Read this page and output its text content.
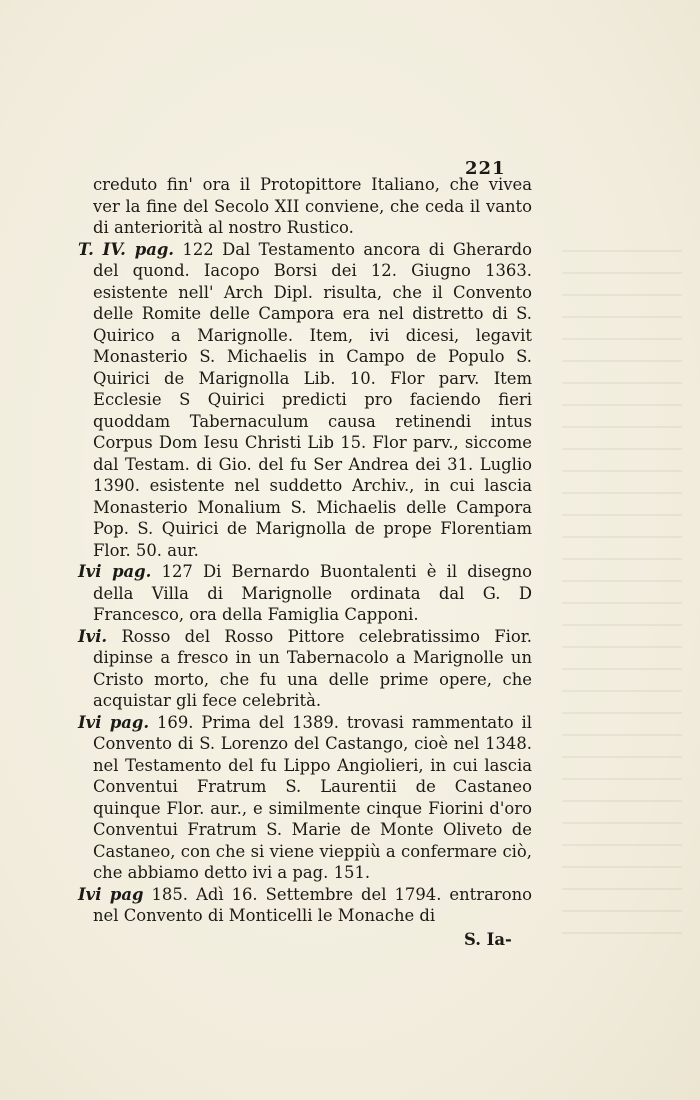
221

creduto fin' ora il Protopittore Italiano, che vivea ver la fine del Secolo XII convie​ne, che ceda il vanto di anteriorità al nostro Rustico.

T. IV. pag. 122 Dal Testamento ancora di Gherardo del quond. Iacopo Borsi dei 12. Giugno 1363. esistente nell' Arch Dipl. risulta, che il Convento delle Romite delle Campora era nel distretto di S. Quirico a Marignolle. Item, ivi dicesi, legavit Monasterio S. Michaelis in Campo de Populo S. Quirici de Marignolla Lib. 10. Flor parv. Item Ecclesie S Quirici predicti pro faciendo fieri quoddam Tabernaculum causa retinendi intus Corpus Dom Iesu Christi Lib 15. Flor parv., siccome dal Testam. di Gio. del fu Ser Andrea dei 31. Luglio 1390. esistente nel suddetto Archiv., in cui lascia Monasterio Monalium S. Michaelis delle Campora Pop. S. Quirici de Marignolla de prope Florentiam Flor. 50. aur.

Ivi pag. 127 Di Bernardo Buontalenti è il disegno della Villa di Marignolle ordinata dal G. D Francesco, ora della Famiglia Capponi.

Ivi. Rosso del Rosso Pittore celebratissimo Fior. dipinse a fresco in un Tabernacolo a Marignolle un Cristo morto, che fu una delle prime opere, che acquistar gli fece celebrità.

Ivi pag. 169. Prima del 1389. trovasi rammentato il Convento di S. Lorenzo del Castango, cioè nel 1348. nel Testamento del fu Lippo Angiolieri, in cui lascia Conventui Fratrum S. Laurentii de Castaneo quinque Flor. aur., e similmente cinque Fiorini d'oro Conventui Fratrum S. Marie de Monte Oliveto de Castaneo, con che si viene vieppiù a confermare ciò, che abbiamo detto ivi a pag. 151.

Ivi pag 185. Adì 16. Settembre del 1794. entrarono nel Convento di Monticelli le Monache di

S. Ia-
